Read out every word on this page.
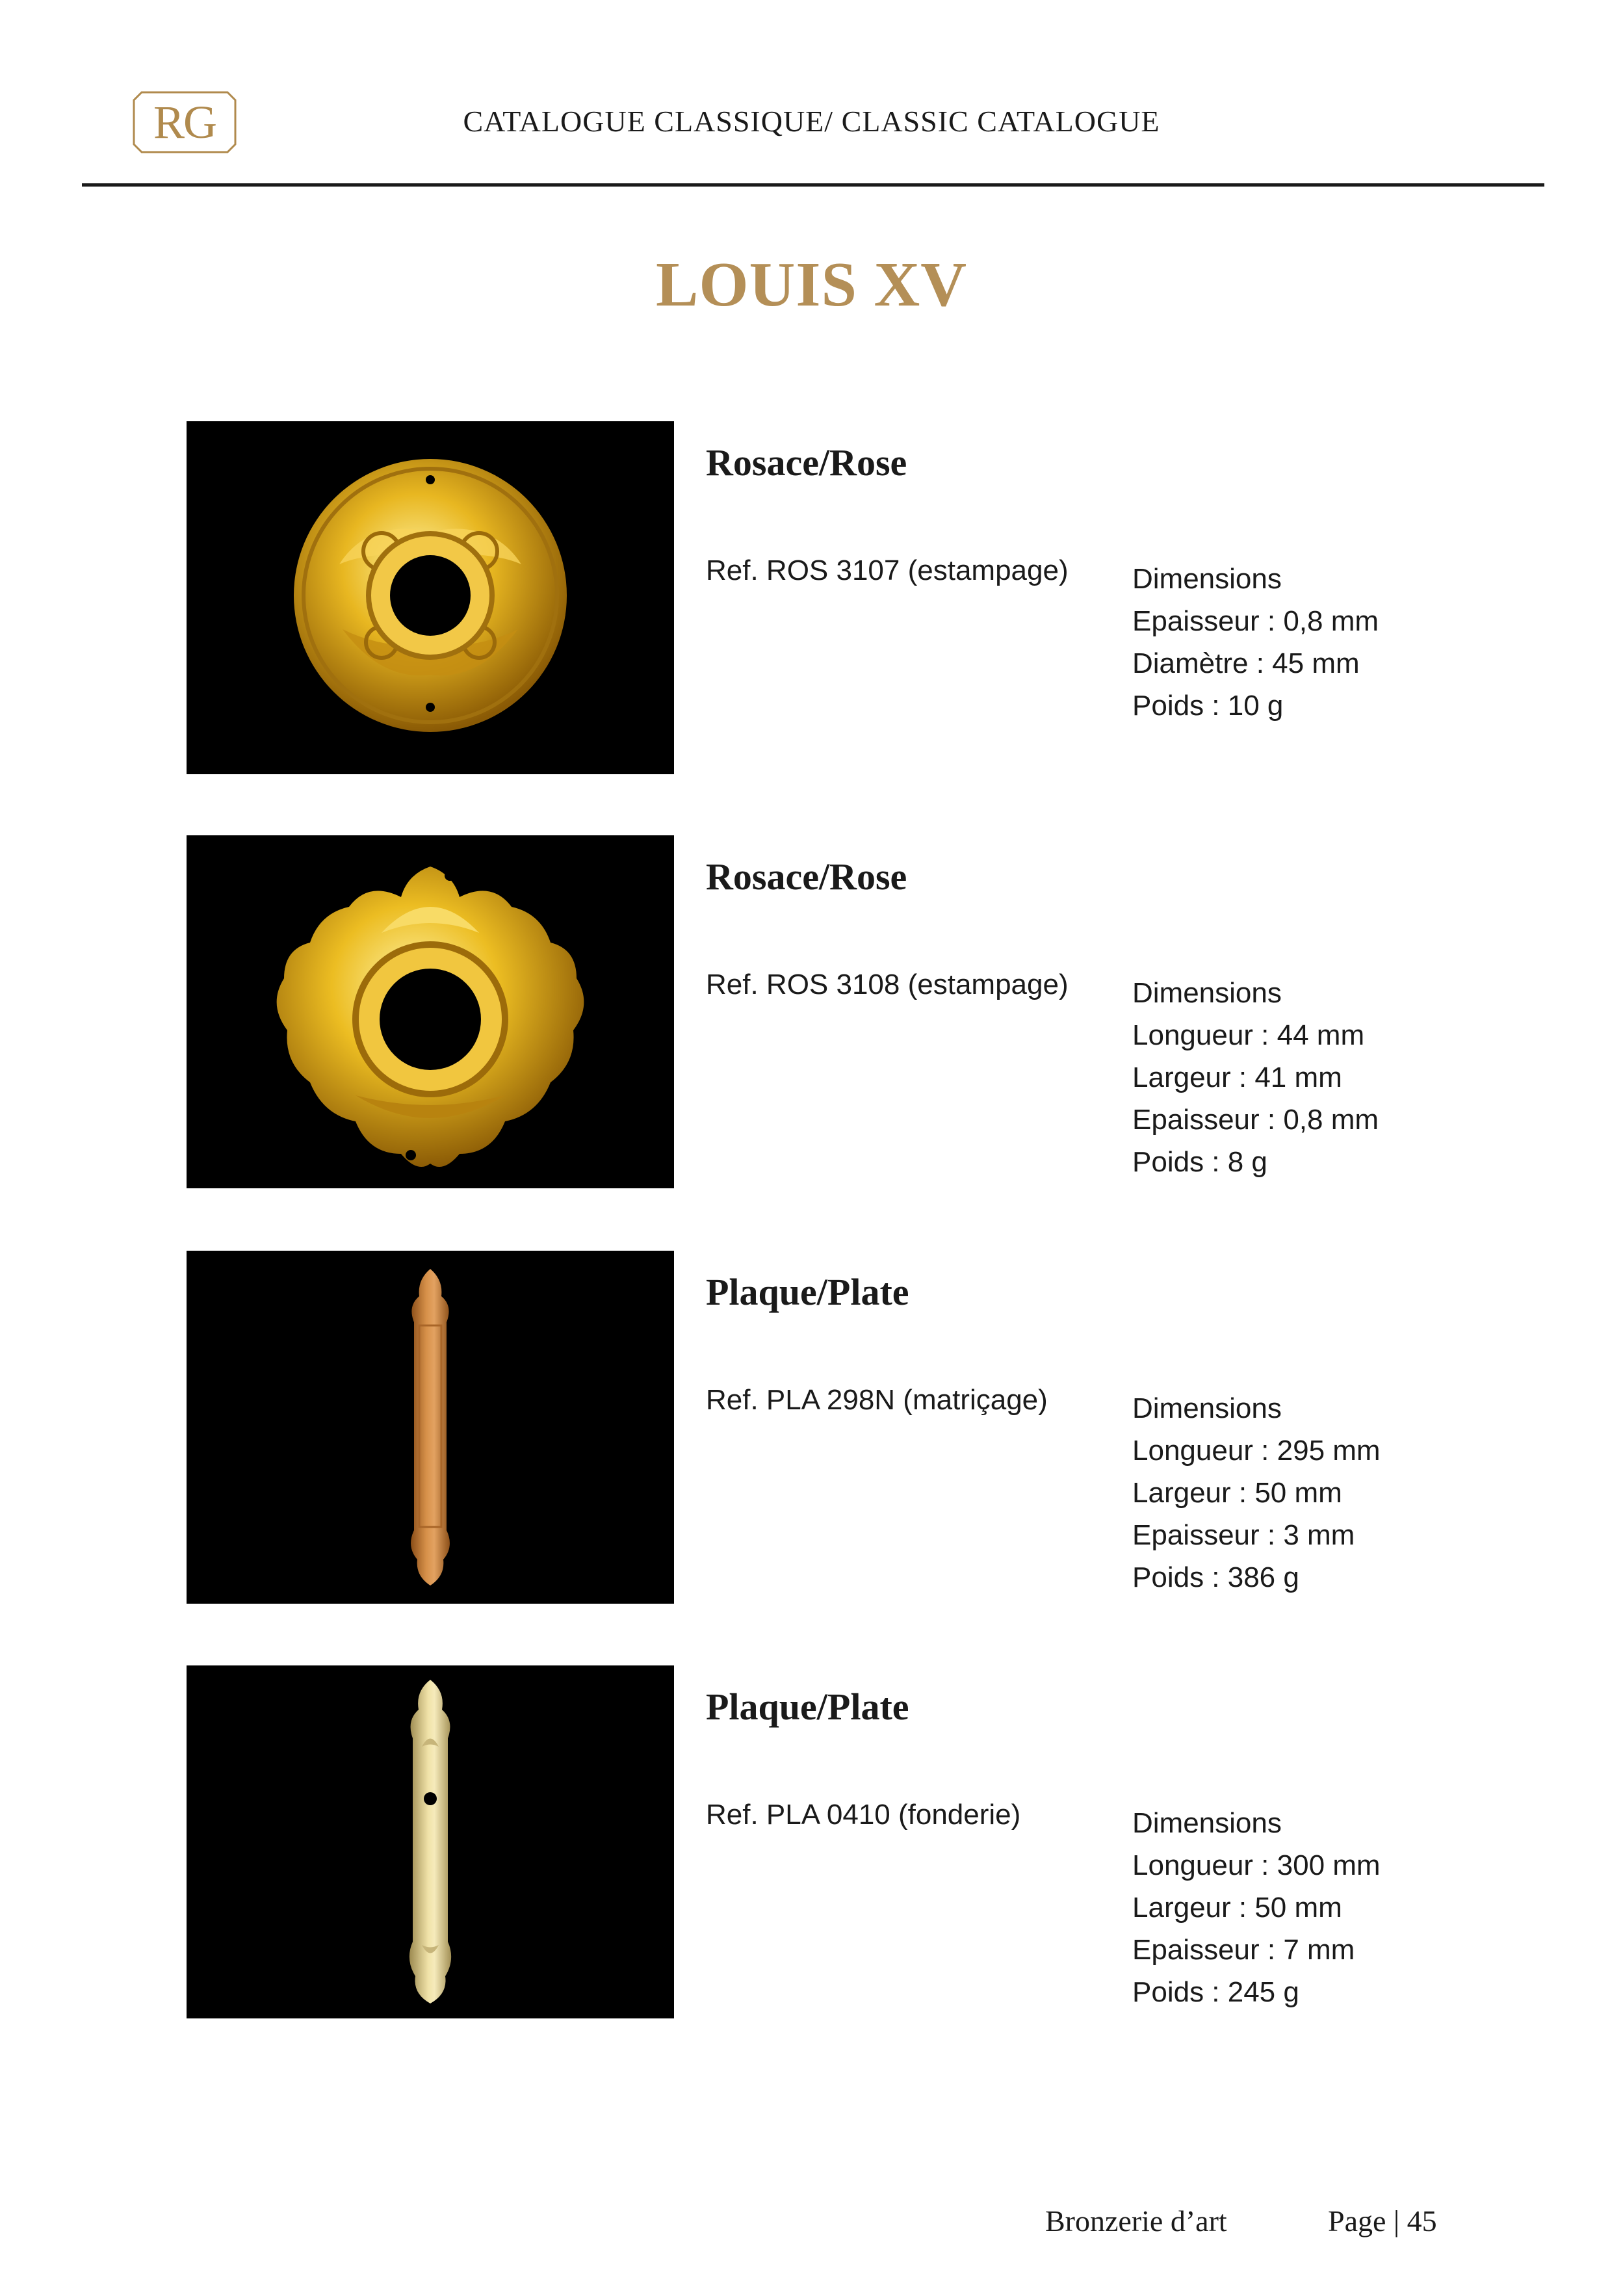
RG	CATALOGUE CLASSIQUE/ CLASSIC CATALOGUE
LOUIS XV
Rosace/Rose
Ref. ROS 3107 (estampage) Dimensions
Epaisseur : 0,8 mm
Diamètre : 45 mm
Poids : 10 g
Rosace/Rose
Ref. ROS 3108 (estampage) Dimensions
Longueur : 44 mm
Largeur : 41 mm
Epaisseur : 0,8 mm
Poids : 8 g
Plaque/Plate
Ref. PLA 298N (matriçage)	Dimensions
Longueur : 295 mm
Largeur : 50 mm
Epaisseur : 3 mm
Poids : 386 g
Plaque/Plate
Ref. PLA 0410 (fonderie)	Dimensions
Longueur : 300 mm
Largeur : 50 mm
Epaisseur : 7 mm
Poids : 245 g
Bronzerie d’art	Page | 45
